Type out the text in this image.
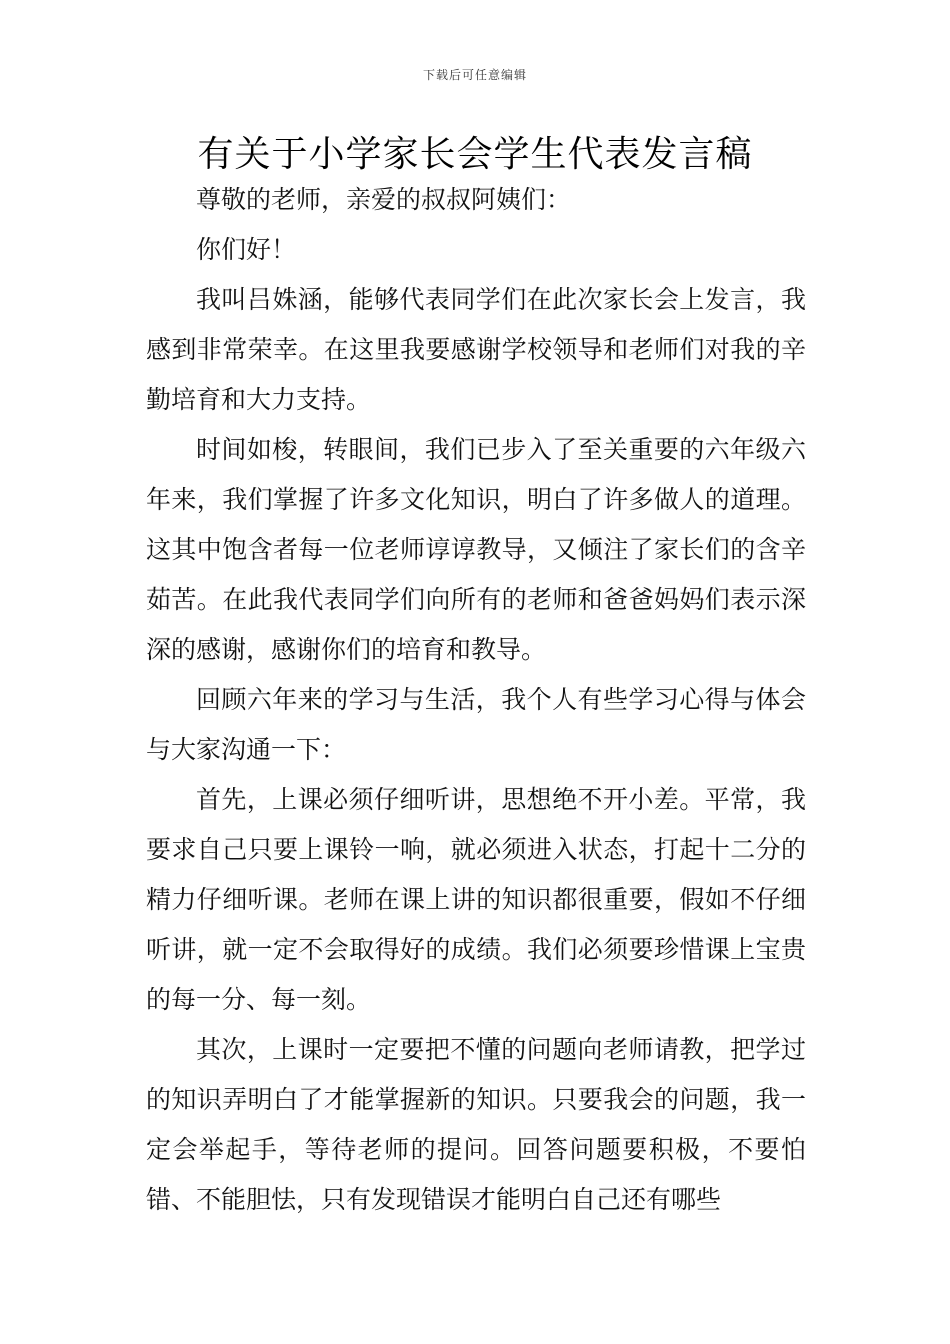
下载后可任意编辑
有关于小学家长会学生代表发言稿

尊敬的老师，亲爱的叔叔阿姨们：

你们好！

我叫吕姝涵，能够代表同学们在此次家长会上发言，我感到非常荣幸。在这里我要感谢学校领导和老师们对我的辛勤培育和大力支持。

时间如梭，转眼间，我们已步入了至关重要的六年级六年来，我们掌握了许多文化知识，明白了许多做人的道理。这其中饱含者每一位老师谆谆教导，又倾注了家长们的含辛茹苦。在此我代表同学们向所有的老师和爸爸妈妈们表示深深的感谢，感谢你们的培育和教导。

回顾六年来的学习与生活，我个人有些学习心得与体会与大家沟通一下：

首先，上课必须仔细听讲，思想绝不开小差。平常，我要求自己只要上课铃一响，就必须进入状态，打起十二分的精力仔细听课。老师在课上讲的知识都很重要，假如不仔细听讲，就一定不会取得好的成绩。我们必须要珍惜课上宝贵的每一分、每一刻。

其次，上课时一定要把不懂的问题向老师请教，把学过的知识弄明白了才能掌握新的知识。只要我会的问题，我一定会举起手，等待老师的提问。回答问题要积极，不要怕错、不能胆怯，只有发现错误才能明白自己还有哪些
